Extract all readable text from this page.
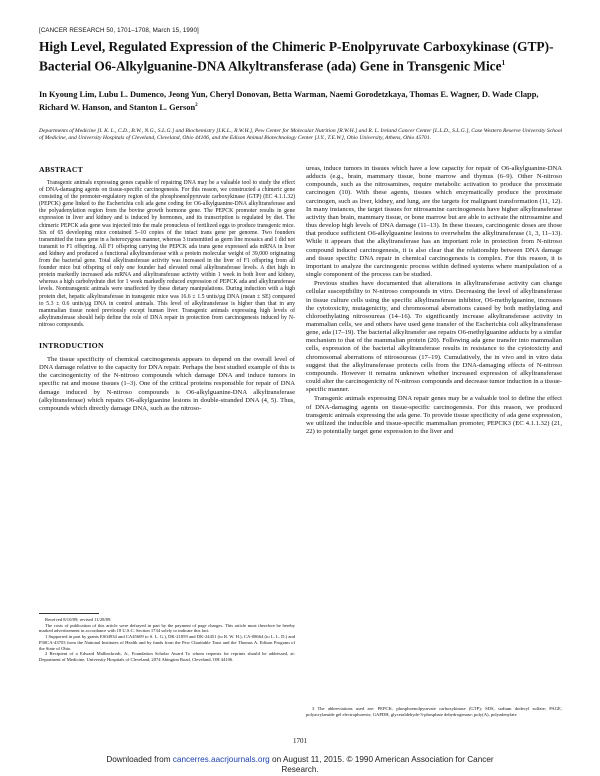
[CANCER RESEARCH 50, 1701–1708, March 15, 1990]
High Level, Regulated Expression of the Chimeric P-Enolpyruvate Carboxykinase (GTP)-Bacterial O6-Alkylguanine-DNA Alkyltransferase (ada) Gene in Transgenic Mice$^1$
In Kyoung Lim, Lubu L. Dumenco, Jeong Yun, Cheryl Donovan, Betta Warman, Naemi Gorodetzkaya, Thomas E. Wagner, D. Wade Clapp, Richard W. Hanson, and Stanton L. Gerson$^2$
Departments of Medicine [I. K. L., C.D., B.W., N.G., S.L.G.] and Biochemistry [I.K.L., R.W.H.], Pew Center for Molecular Nutrition [R.W.H.] and R. L. Ireland Cancer Center [L.L.D., S.L.G.], Case Western Reserve University School of Medicine, and University Hospitals of Cleveland, Cleveland, Ohio 44106, and the Edison Animal Biotechnology Center [J.Y., T.E.W.], Ohio University, Athens, Ohio 45701.
ABSTRACT

Transgenic animals expressing genes capable of repairing DNA may be a valuable tool to study the effect of DNA-damaging agents on tissue-specific carcinogenesis. For this reason, we constructed a chimeric gene consisting of the promoter-regulatory region of the phosphoenolpyruvate carboxykinase (GTP) (EC 4.1.1.32) (PEPCK) gene linked to the Escherichia coli ada gene coding for O6-alkylguanine-DNA alkyltransferase and the polyadenylation region from the bovine growth hormone gene. The PEPCK promoter results in gene expression in liver and kidney and is induced by hormones, and its transcription is regulated by diet. The chimeric PEPCK ada gene was injected into the male pronucleus of fertilized eggs to produce transgenic mice. Six of 65 developing mice contained 5–10 copies of the intact trans gene per genome. Two founders transmitted the trans gene in a heterozygous manner, whereas 3 transmitted as germ line mosaics and 1 did not transmit to F1 offspring. All F1 offspring carrying the PEPCK ada trans gene expressed ada mRNA in liver and kidney and produced a functional alkyltransferase with a protein molecular weight of 39,000 originating from the bacterial gene. Total alkyltransferase activity was increased in the liver of F1 offspring from all founder mice but offspring of only one founder had elevated renal alkyltransferase levels. A diet high in protein markedly increased ada mRNA and alkyltransferase activity within 1 week in both liver and kidney, whereas a high carbohydrate diet for 1 week markedly reduced expression of PEPCK ada and alkyltransferase levels. Nontransgenic animals were unaffected by these dietary manipulations. During induction with a high protein diet, hepatic alkyltransferase in transgenic mice was 16.6 ± 1.5 units/µg DNA (mean ± SE) compared to 5.3 ± 0.6 units/µg DNA in control animals. This level of alkyltransferase is higher than that in any mammalian tissue noted previously except human liver. Transgenic animals expressing high levels of alkyltransferase should help define the role of DNA repair in protection from carcinogenesis induced by N-nitroso compounds.

INTRODUCTION

The tissue specificity of chemical carcinogenesis appears to depend on the overall level of DNA damage relative to the capacity for DNA repair. Perhaps the best studied example of this is the carcinogenicity of the N-nitroso compounds which damage DNA and induce tumors in specific rat and mouse tissues (1–3). One of the critical proteins responsible for repair of DNA damage induced by N-nitroso compounds is O6-alkylguanine-DNA alkyltransferase (alkyltransferase) which repairs O6-alkylguanine lesions in double-stranded DNA (4, 5). Thus, compounds which directly damage DNA, such as the nitroso-

ureas, induce tumors in tissues which have a low capacity for repair of O6-alkylguanine-DNA adducts (e.g., brain, mammary tissue, bone marrow and thymus (6–9). Other N-nitroso compounds, such as the nitrosamines, require metabolic activation to produce the proximate carcinogen (10). With these agents, tissues which enzymatically produce the proximate carcinogen, such as liver, kidney, and lung, are the targets for malignant transformation (11, 12). In many instances, the target tissues for nitrosamine carcinogenesis have higher alkyltransferase activity than brain, mammary tissue, or bone marrow but are able to activate the nitrosamine and thus develop high levels of DNA damage (11–13). In these tissues, carcinogenic doses are those that produce sufficient O6-alkylguanine lesions to overwhelm the alkyltransferase (1, 3, 11–13). While it appears that the alkyltransferase has an important role in protection from N-nitroso compound induced carcinogenesis, it is also clear that the relationship between DNA damage and tissue specific DNA repair in chemical carcinogenesis is complex. For this reason, it is important to analyze the carcinogenic process within defined systems where manipulation of a single component of the process can be studied.

Previous studies have documented that alterations in alkyltransferase activity can change cellular susceptibility to N-nitroso compounds in vitro. Decreasing the level of alkyltransferase in tissue culture cells using the specific alkyltransferase inhibitor, O6-methylguanine, increases the cytotoxicity, mutagenicity, and chromosomal aberrations caused by both methylating and chloroethylating nitrosoureas (14–16). To significantly increase alkyltransferase activity in mammalian cells, we and others have used gene transfer of the Escherichia coli alkyltransferase gene, ada (17–19). The bacterial alkyltransfer ase repairs O6-methylguanine adducts by a similar mechanism to that of the mammalian protein (20). Following ada gene transfer into mammalian cells, expression of the bacterial alkyltransferase results in resistance to the cytotoxicity and chromosomal aberrations of nitrosoureas (17–19). Cumulatively, the in vivo and in vitro data suggest that the alkyltransferase protects cells from the DNA-damaging effects of N-nitroso compounds. However it remains unknown whether increased expression of alkyltransferase could alter the carcinogenicity of N-nitroso compounds and decrease tumor induction in a tissue-specific manner.

Transgenic animals expressing DNA repair genes may be a valuable tool to define the effect of DNA-damaging agents on tissue-specific carcinogenesis. For this reason, we produced transgenic animals expressing the ada gene. To provide tissue specificity of ada gene expression, we utilized the inducible and tissue-specific mammalian promoter, PEPCK3 (EC 4.1.1.32) (21, 22) to potentially target gene expression to the liver and

Received 8/10/89; revised 11/28/89.

The costs of publication of this article were defrayed in part by the payment of page charges. This article must therefore be hereby marked advertisement in accordance with 18 U.S.C. Section 1734 solely to indicate this fact.

1 Supported in part by grants ES04934 and CA45609 to S. L. G.), DK-21859 and DK-24451 (to R. W. H.), CA-08664 (to L. L. D.) and P30CA-43703 from the National Institutes of Health and by funds from the Pew Charitable Trust and the Thomas A. Edison Program of the State of Ohio.

2 Recipient of a Edward Mallinckrodt, Jr., Foundation Scholar Award To whom requests for reprints should be addressed, at: Department of Medicine, University Hospitals of Cleveland, 2074 Abington Road, Cleveland, OH 44106.

3 The abbreviations used are: PEPCK, phosphoenolpyruvate carboxykinase (GTP); SDS, sodium dodecyl sulfate; PAGE, polyacrylamide gel electrophoresis; GAPDH, glyceraldehyde-3-phosphate dehydrogenase; poly(A), polyadenylate

1701
Downloaded from cancerres.aacrjournals.org on August 11, 2015. © 1990 American Association for Cancer
Research.
